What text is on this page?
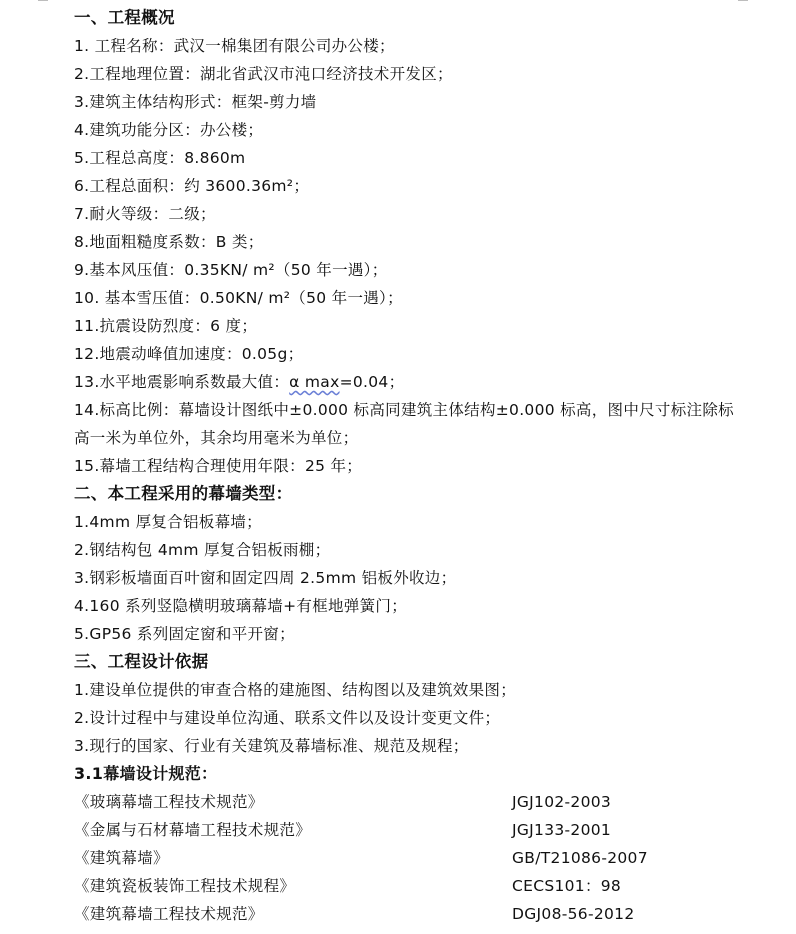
一、工程概况
1. 工程名称：武汉一棉集团有限公司办公楼；
2.工程地理位置：湖北省武汉市沌口经济技术开发区；
3.建筑主体结构形式：框架-剪力墙
4.建筑功能分区：办公楼；
5.工程总高度：8.860m
6.工程总面积：约 3600.36m²；
7.耐火等级：二级；
8.地面粗糙度系数：B 类；
9.基本风压值：0.35KN/ m²（50 年一遇）；
10. 基本雪压值：0.50KN/ m²（50 年一遇）；
11.抗震设防烈度：6 度；
12.地震动峰值加速度：0.05g；
13.水平地震影响系数最大值：α max=0.04；
14.标高比例：幕墙设计图纸中±0.000 标高同建筑主体结构±0.000 标高，图中尺寸标注除标高一米为单位外，其余均用毫米为单位；
15.幕墙工程结构合理使用年限：25 年；
二、本工程采用的幕墙类型：
1.4mm 厚复合铝板幕墙；
2.钢结构包 4mm 厚复合铝板雨棚；
3.钢彩板墙面百叶窗和固定四周 2.5mm 铝板外收边；
4.160 系列竖隐横明玻璃幕墙+有框地弹簧门；
5.GP56 系列固定窗和平开窗；
三、工程设计依据
1.建设单位提供的审查合格的建施图、结构图以及建筑效果图；
2.设计过程中与建设单位沟通、联系文件以及设计变更文件；
3.现行的国家、行业有关建筑及幕墙标准、规范及规程；
3.1幕墙设计规范：
《玻璃幕墙工程技术规范》	JGJ102-2003
《金属与石材幕墙工程技术规范》	JGJ133-2001
《建筑幕墙》	GB/T21086-2007
《建筑瓷板装饰工程技术规程》	CECS101：98
《建筑幕墙工程技术规范》	DGJ08-56-2012
